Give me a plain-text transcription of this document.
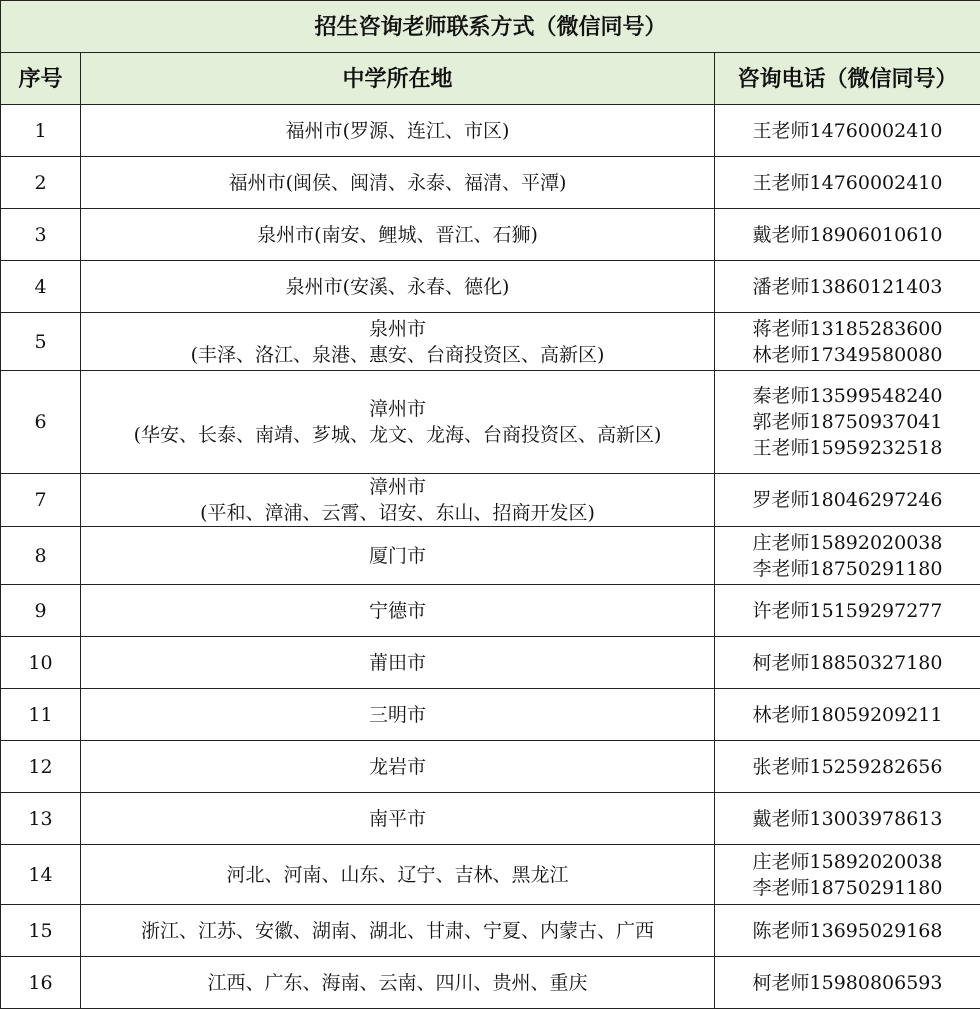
招生咨询老师联系方式（微信同号）		
序号	中学所在地	咨询电话（微信同号）
1	福州市(罗源、连江、市区)	王老师14760002410

2	福州市(闽侯、闽清、永泰、福清、平潭)	王老师14760002410

3	泉州市(南安、鲤城、晋江、石狮)	戴老师18906010610

4	泉州市(安溪、永春、德化)	潘老师13860121403

5	泉州市
(丰泽、洛江、泉港、惠安、台商投资区、高新区)	蒋老师13185283600
林老师17349580080

6	漳州市
(华安、长泰、南靖、芗城、龙文、龙海、台商投资区、高新区)	秦老师13599548240
郭老师18750937041
王老师15959232518

7	漳州市
(平和、漳浦、云霄、诏安、东山、招商开发区)	罗老师18046297246

8	厦门市	庄老师15892020038
李老师18750291180

9	宁德市	许老师15159297277

10	莆田市	柯老师18850327180

11	三明市	林老师18059209211

12	龙岩市	张老师15259282656

13	南平市	戴老师13003978613

14	河北、河南、山东、辽宁、吉林、黑龙江	庄老师15892020038
李老师18750291180

15	浙江、江苏、安徽、湖南、湖北、甘肃、宁夏、内蒙古、广西	陈老师13695029168

16	江西、广东、海南、云南、四川、贵州、重庆	柯老师15980806593
